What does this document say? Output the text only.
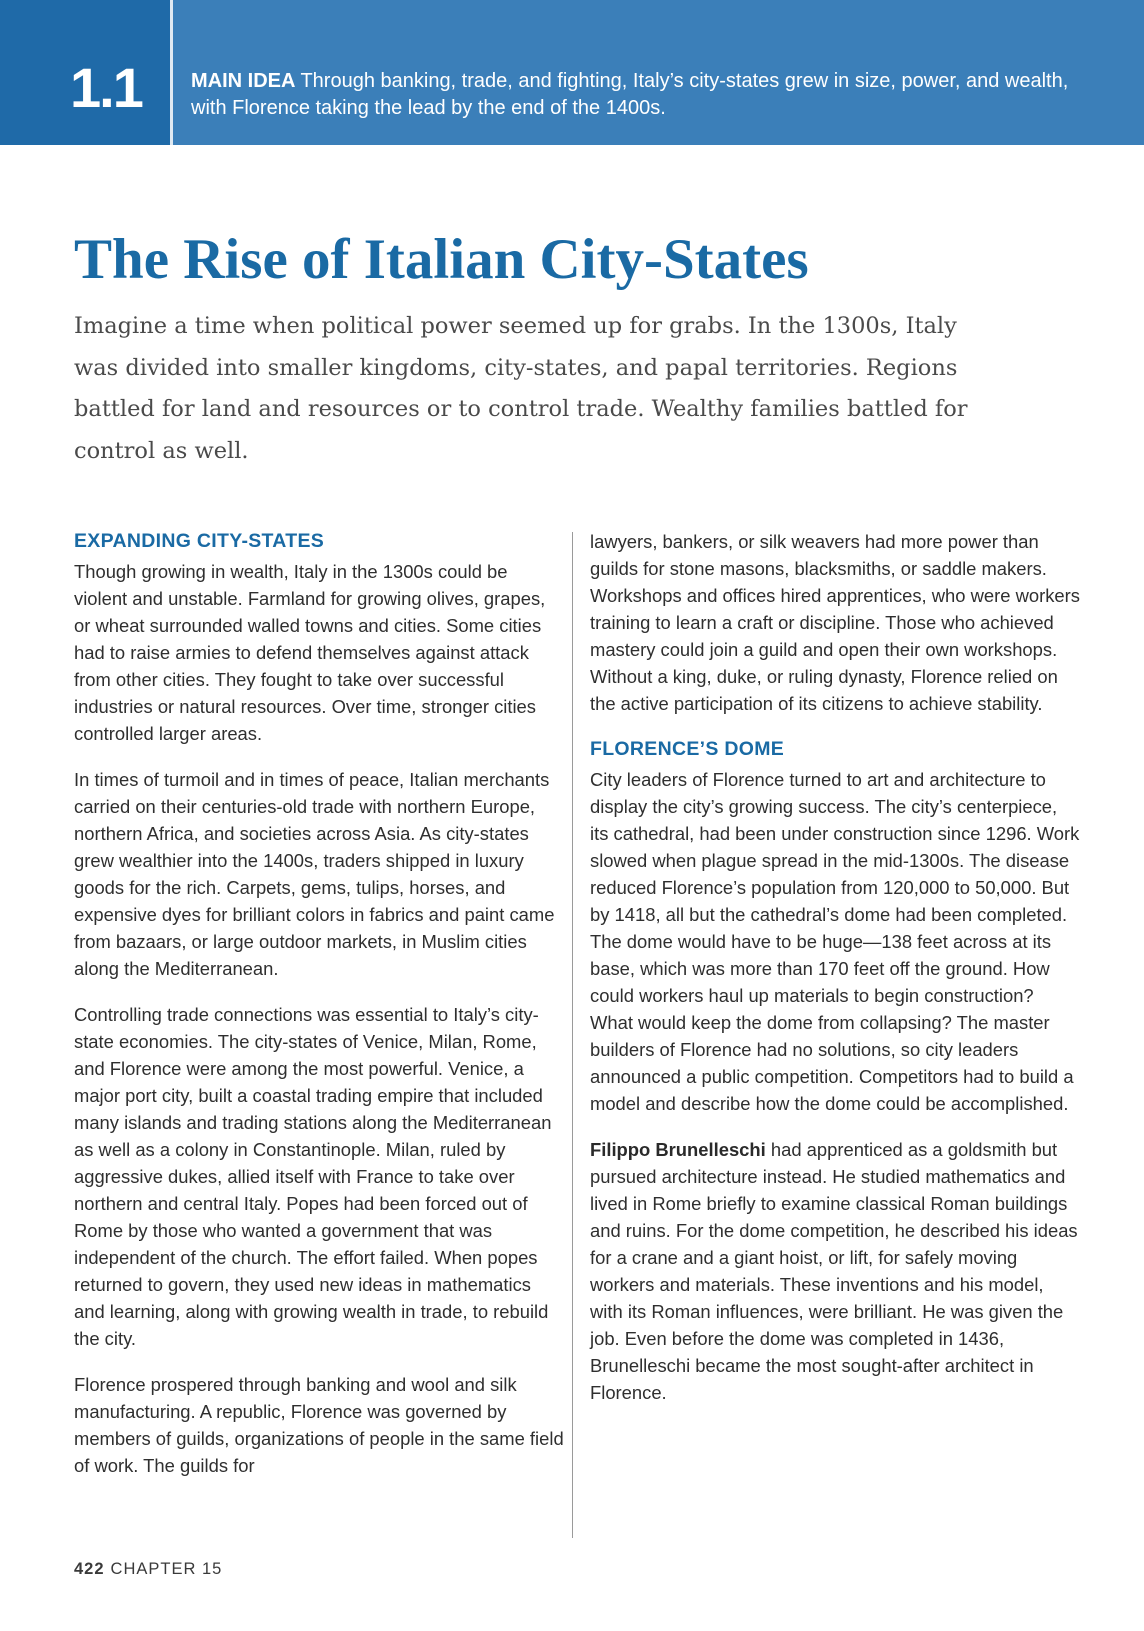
1.1 MAIN IDEA Through banking, trade, and fighting, Italy’s city-states grew in size, power, and wealth, with Florence taking the lead by the end of the 1400s.
The Rise of Italian City-States

Imagine a time when political power seemed up for grabs. In the 1300s, Italy was divided into smaller kingdoms, city-states, and papal territories. Regions battled for land and resources or to control trade. Wealthy families battled for control as well.

EXPANDING CITY-STATES

Though growing in wealth, Italy in the 1300s could be violent and unstable. Farmland for growing olives, grapes, or wheat surrounded walled towns and cities. Some cities had to raise armies to defend themselves against attack from other cities. They fought to take over successful industries or natural resources. Over time, stronger cities controlled larger areas.

In times of turmoil and in times of peace, Italian merchants carried on their centuries-old trade with northern Europe, northern Africa, and societies across Asia. As city-states grew wealthier into the 1400s, traders shipped in luxury goods for the rich. Carpets, gems, tulips, horses, and expensive dyes for brilliant colors in fabrics and paint came from bazaars, or large outdoor markets, in Muslim cities along the Mediterranean.

Controlling trade connections was essential to Italy’s city-state economies. The city-states of Venice, Milan, Rome, and Florence were among the most powerful. Venice, a major port city, built a coastal trading empire that included many islands and trading stations along the Mediterranean as well as a colony in Constantinople. Milan, ruled by aggressive dukes, allied itself with France to take over northern and central Italy. Popes had been forced out of Rome by those who wanted a government that was independent of the church. The effort failed. When popes returned to govern, they used new ideas in mathematics and learning, along with growing wealth in trade, to rebuild the city.

Florence prospered through banking and wool and silk manufacturing. A republic, Florence was governed by members of guilds, organizations of people in the same field of work. The guilds for

lawyers, bankers, or silk weavers had more power than guilds for stone masons, blacksmiths, or saddle makers. Workshops and offices hired apprentices, who were workers training to learn a craft or discipline. Those who achieved mastery could join a guild and open their own workshops. Without a king, duke, or ruling dynasty, Florence relied on the active participation of its citizens to achieve stability.

FLORENCE’S DOME

City leaders of Florence turned to art and architecture to display the city’s growing success. The city’s centerpiece, its cathedral, had been under construction since 1296. Work slowed when plague spread in the mid-1300s. The disease reduced Florence’s population from 120,000 to 50,000. But by 1418, all but the cathedral’s dome had been completed. The dome would have to be huge—138 feet across at its base, which was more than 170 feet off the ground. How could workers haul up materials to begin construction? What would keep the dome from collapsing? The master builders of Florence had no solutions, so city leaders announced a public competition. Competitors had to build a model and describe how the dome could be accomplished.

Filippo Brunelleschi had apprenticed as a goldsmith but pursued architecture instead. He studied mathematics and lived in Rome briefly to examine classical Roman buildings and ruins. For the dome competition, he described his ideas for a crane and a giant hoist, or lift, for safely moving workers and materials. These inventions and his model, with its Roman influences, were brilliant. He was given the job. Even before the dome was completed in 1436, Brunelleschi became the most sought-after architect in Florence.

422 CHAPTER 15
